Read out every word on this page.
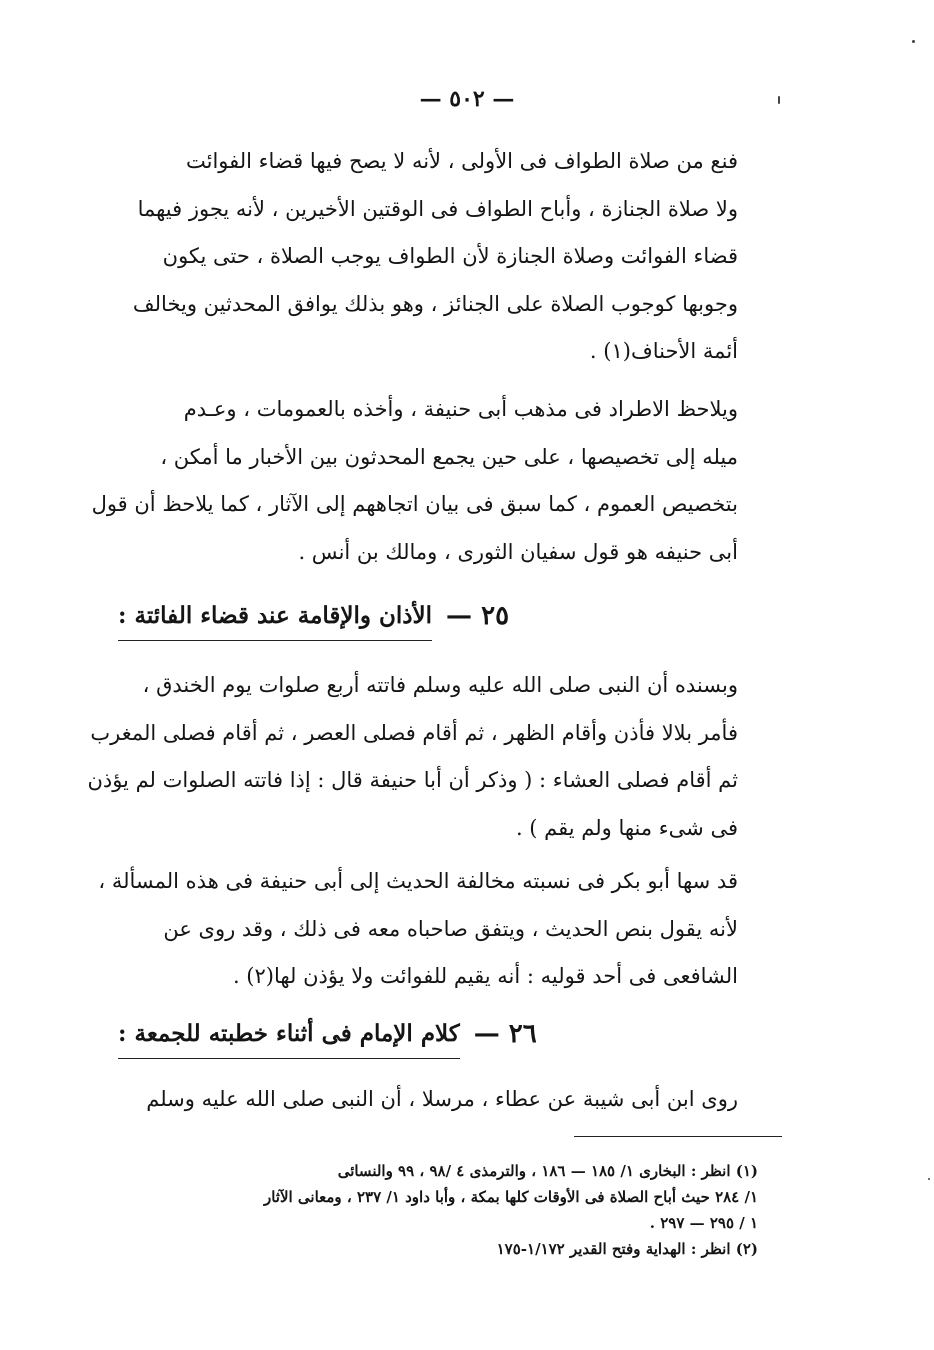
— ٥٠٢ —

فنع من صلاة الطواف فى الأولى ، لأنه لا يصح فيها قضاء الفوائت
ولا صلاة الجنازة ، وأباح الطواف فى الوقتين الأخيرين ، لأنه يجوز فيهما
قضاء الفوائت وصلاة الجنازة لأن الطواف يوجب الصلاة ، حتى يكون
وجوبها كوجوب الصلاة على الجنائز ، وهو بذلك يوافق المحدثين ويخالف
أئمة الأحناف(١) .

ويلاحظ الاطراد فى مذهب أبى حنيفة ، وأخذه بالعمومات ، وعـدم
ميله إلى تخصيصها ، على حين يجمع المحدثون بين الأخبار ما أمكن ،
بتخصيص العموم ، كما سبق فى بيان اتجاههم إلى الآثار ، كما يلاحظ أن قول
أبى حنيفه هو قول سفيان الثورى ، ومالك بن أنس .

٢٥ —
الأذان والإقامة عند قضاء الفائتة :

وبسنده أن النبى صلى الله عليه وسلم فاتته أربع صلوات يوم الخندق ،
فأمر بلالا فأذن وأقام الظهر ، ثم أقام فصلى العصر ، ثم أقام فصلى المغرب
ثم أقام فصلى العشاء : ( وذكر أن أبا حنيفة قال : إذا فاتته الصلوات لم يؤذن
فى شىء منها ولم يقم ) .

قد سها أبو بكر فى نسبته مخالفة الحديث إلى أبى حنيفة فى هذه المسألة ،
لأنه يقول بنص الحديث ، ويتفق صاحباه معه فى ذلك ، وقد روى عن
الشافعى فى أحد قوليه : أنه يقيم للفوائت ولا يؤذن لها(٢) .

٢٦ —
كلام الإمام فى أثناء خطبته للجمعة :

روى ابن أبى شيبة عن عطاء ، مرسلا ، أن النبى صلى الله عليه وسلم

(١) انظر : البخارى ١/ ١٨٥ — ١٨٦ ، والترمذى ٤ /٩٨ ، ٩٩ والنسائى
١/ ٢٨٤ حيث أباح الصلاة فى الأوقات كلها بمكة ، وأبا داود ١/ ٢٣٧ ، ومعانى الآثار
١ / ٢٩٥ — ٢٩٧ .
(٢) انظر : الهداية وفتح القدير ١/١٧٢-١٧٥
